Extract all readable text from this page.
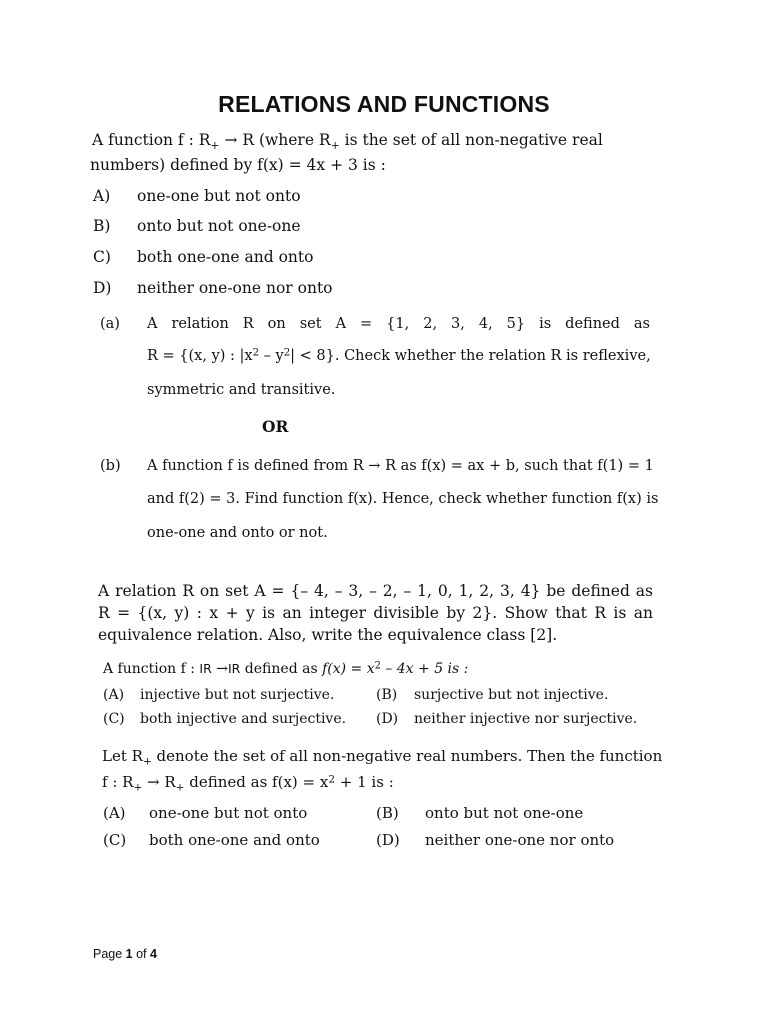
RELATIONS AND FUNCTIONS
A function f : $R_+ \to R$ (where $R_+$ is the set of all non-negative real
numbers) defined by f(x) = 4x + 3 is :
A) one-one but not onto
B) onto but not one-one
C) both one-one and onto
D) neither one-one nor onto
(a) A relation R on set A = {1, 2, 3, 4, 5} is defined as
R = {(x, y) : $|x^2 - y^2| < 8$}. Check whether the relation R is reflexive,
symmetric and transitive.
OR
(b) A function f is defined from R → R as f(x) = ax + b, such that f(1) = 1
and f(2) = 3. Find function f(x). Hence, check whether function f(x) is
one-one and onto or not.
A relation R on set A = {– 4, – 3, – 2, – 1, 0, 1, 2, 3, 4} be defined as
R = {(x, y) : x + y is an integer divisible by 2}. Show that R is an
equivalence relation. Also, write the equivalence class [2].
A function f : IR →IR defined as $f(x) = x^2 - 4x + 5$ is :
(A) injective but not surjective.	(B) surjective but not injective.
(C) both injective and surjective. (D) neither injective nor surjective.
Let $R_+$ denote the set of all non-negative real numbers. Then the function
f : $R_+ \to R_+$ defined as $f(x) = x^2 + 1$ is :
(A) one-one but not onto	(B) onto but not one-one
(C) both one-one and onto	(D) neither one-one nor onto
Page 1 of 4
